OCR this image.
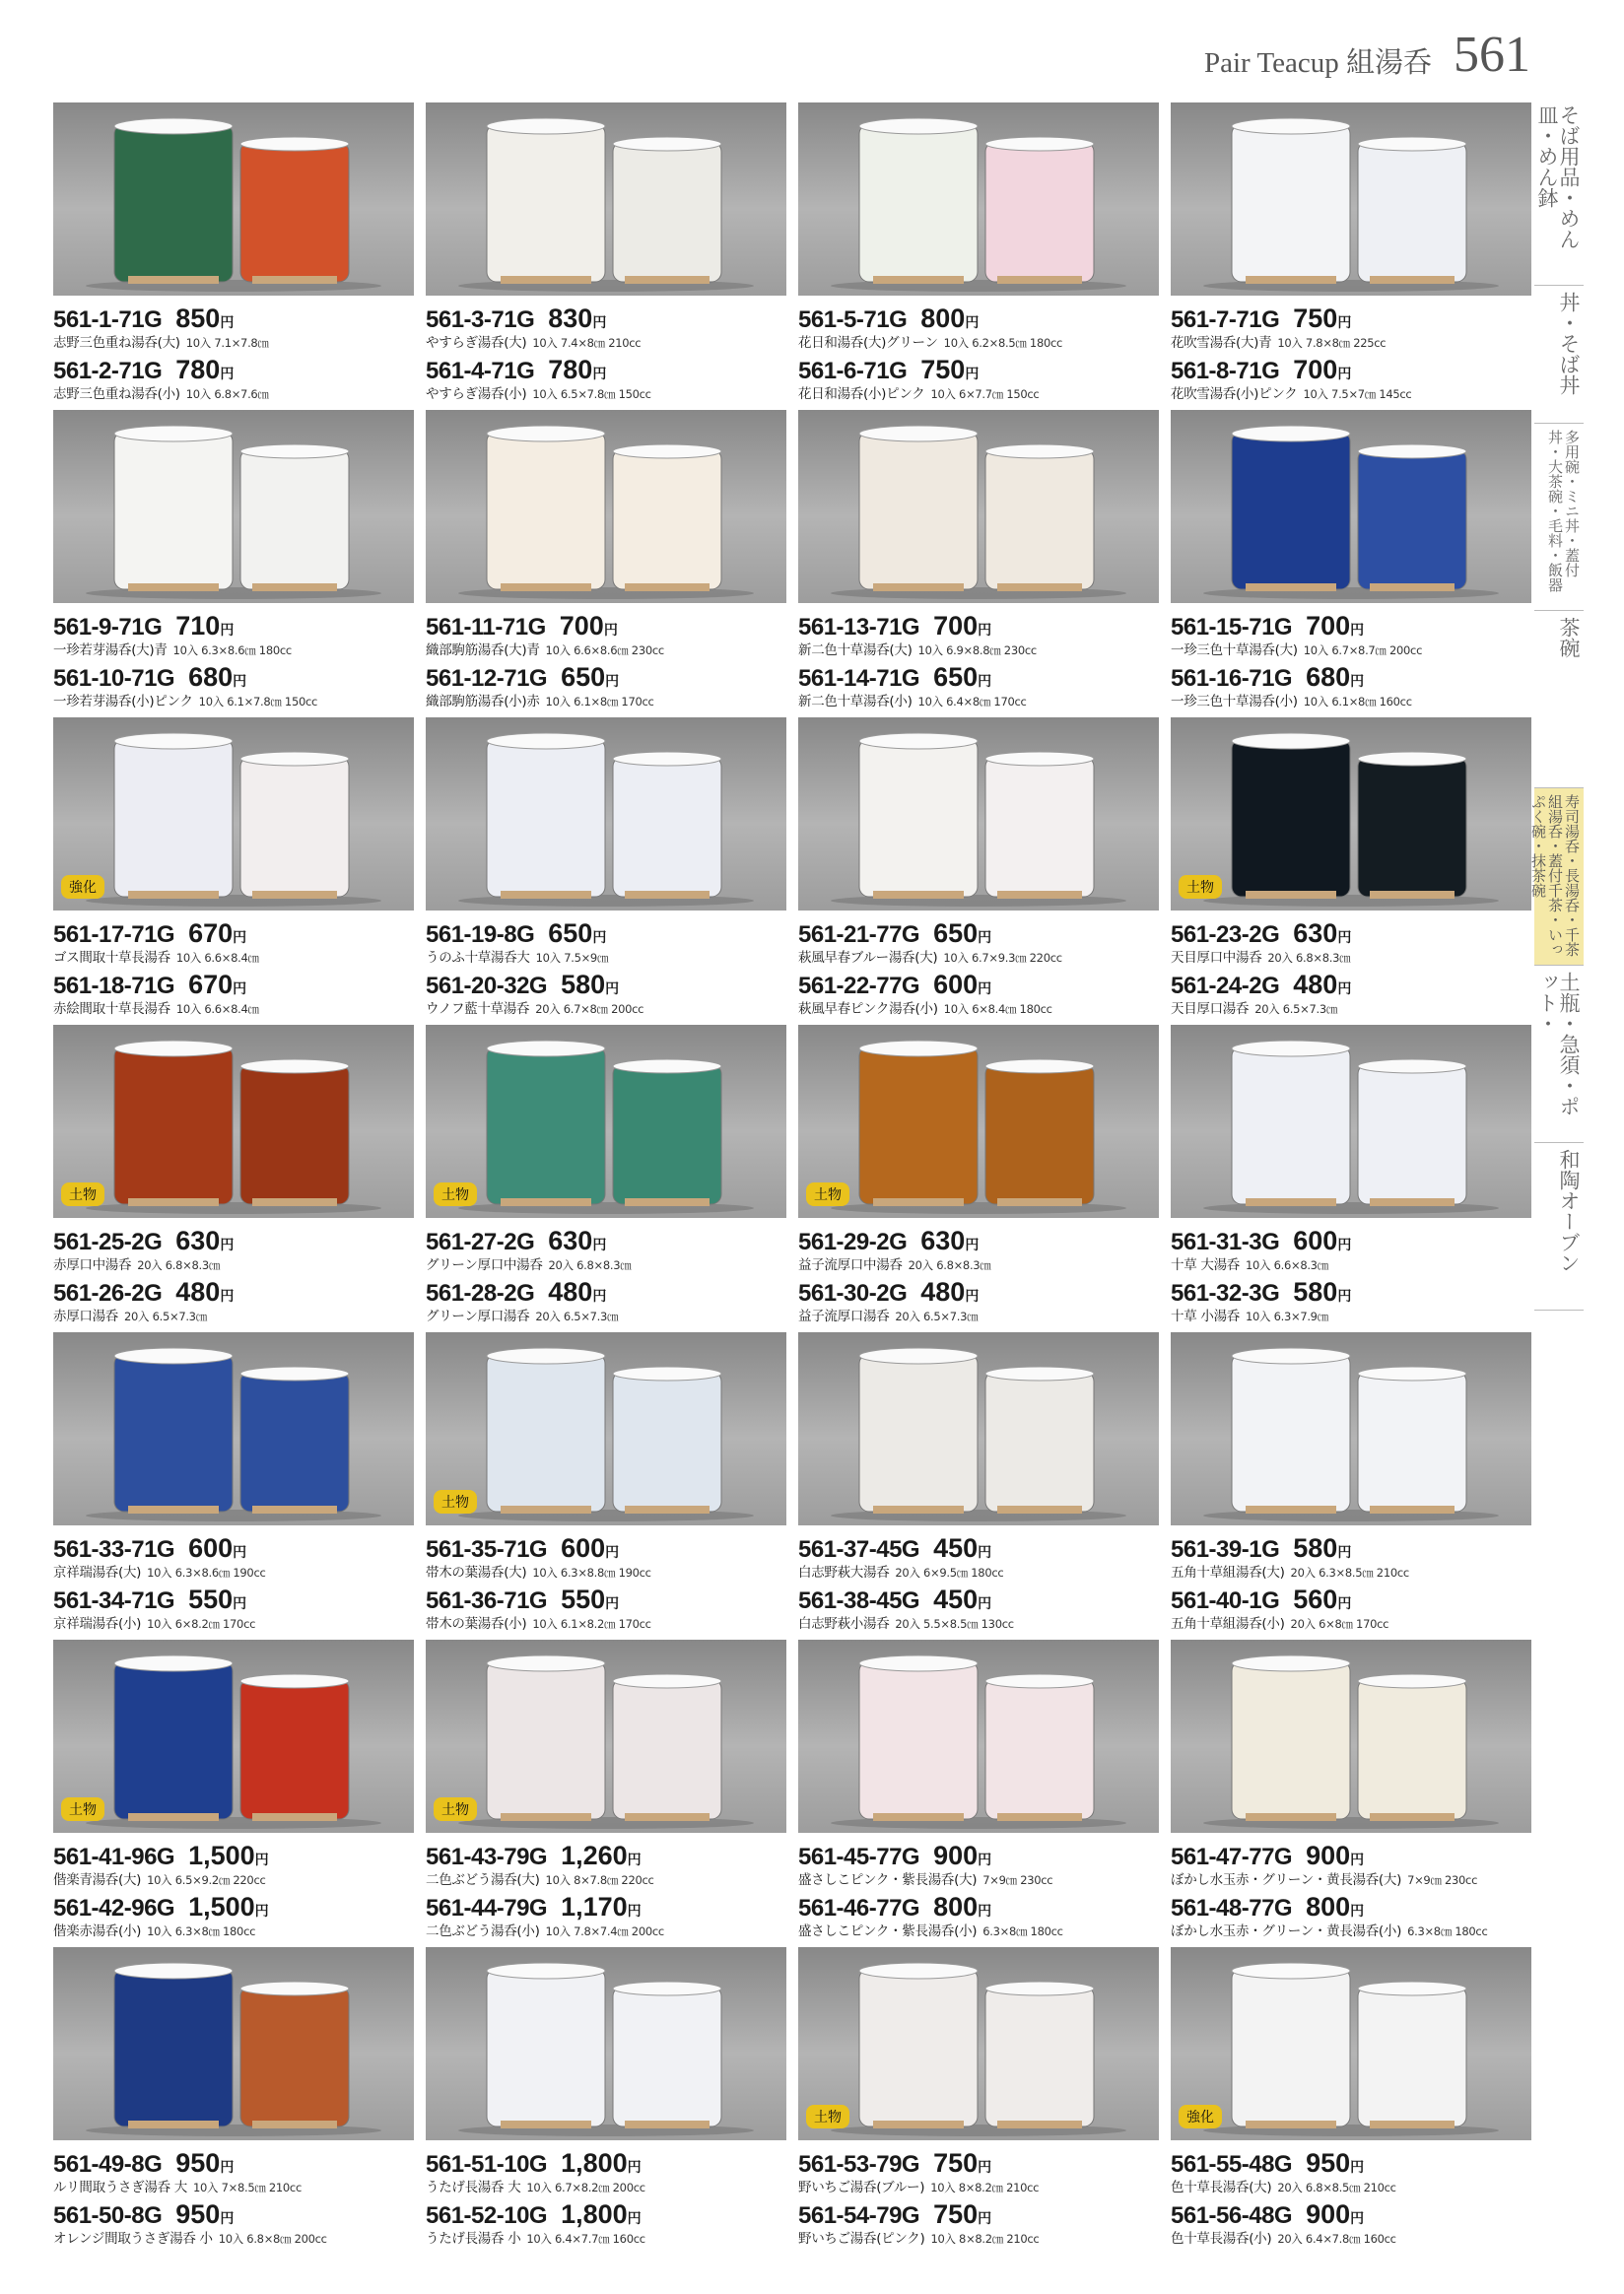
Pair Teacup 組湯呑 561
561-1-71G 850円
志野三色重ね湯呑(大) 10入 7.1×7.8㎝
561-2-71G 780円
志野三色重ね湯呑(小) 10入 6.8×7.6㎝
561-3-71G 830円
やすらぎ湯呑(大) 10入 7.4×8㎝ 210cc
561-4-71G 780円
やすらぎ湯呑(小) 10入 6.5×7.8㎝ 150cc
561-5-71G 800円
花日和湯呑(大)グリーン 10入 6.2×8.5㎝ 180cc
561-6-71G 750円
花日和湯呑(小)ピンク 10入 6×7.7㎝ 150cc
561-7-71G 750円
花吹雪湯呑(大)青 10入 7.8×8㎝ 225cc
561-8-71G 700円
花吹雪湯呑(小)ピンク 10入 7.5×7㎝ 145cc
561-9-71G 710円
一珍若芽湯呑(大)青 10入 6.3×8.6㎝ 180cc
561-10-71G 680円
一珍若芽湯呑(小)ピンク 10入 6.1×7.8㎝ 150cc
561-11-71G 700円
織部駒筋湯呑(大)青 10入 6.6×8.6㎝ 230cc
561-12-71G 650円
織部駒筋湯呑(小)赤 10入 6.1×8㎝ 170cc
561-13-71G 700円
新二色十草湯呑(大) 10入 6.9×8.8㎝ 230cc
561-14-71G 650円
新二色十草湯呑(小) 10入 6.4×8㎝ 170cc
561-15-71G 700円
一珍三色十草湯呑(大) 10入 6.7×8.7㎝ 200cc
561-16-71G 680円
一珍三色十草湯呑(小) 10入 6.1×8㎝ 160cc
強化
561-17-71G 670円
ゴス間取十草長湯呑 10入 6.6×8.4㎝
561-18-71G 670円
赤絵間取十草長湯呑 10入 6.6×8.4㎝
561-19-8G 650円
うのふ十草湯呑大 10入 7.5×9㎝
561-20-32G 580円
ウノフ藍十草湯呑 20入 6.7×8㎝ 200cc
561-21-77G 650円
萩風早春ブルー湯呑(大) 10入 6.7×9.3㎝ 220cc
561-22-77G 600円
萩風早春ピンク湯呑(小) 10入 6×8.4㎝ 180cc
土物
561-23-2G 630円
天目厚口中湯呑 20入 6.8×8.3㎝
561-24-2G 480円
天目厚口湯呑 20入 6.5×7.3㎝
土物
561-25-2G 630円
赤厚口中湯呑 20入 6.8×8.3㎝
561-26-2G 480円
赤厚口湯呑 20入 6.5×7.3㎝
土物
561-27-2G 630円
グリーン厚口中湯呑 20入 6.8×8.3㎝
561-28-2G 480円
グリーン厚口湯呑 20入 6.5×7.3㎝
土物
561-29-2G 630円
益子流厚口中湯呑 20入 6.8×8.3㎝
561-30-2G 480円
益子流厚口湯呑 20入 6.5×7.3㎝
561-31-3G 600円
十草 大湯呑 10入 6.6×8.3㎝
561-32-3G 580円
十草 小湯呑 10入 6.3×7.9㎝
561-33-71G 600円
京祥瑞湯呑(大) 10入 6.3×8.6㎝ 190cc
561-34-71G 550円
京祥瑞湯呑(小) 10入 6×8.2㎝ 170cc
土物
561-35-71G 600円
帯木の葉湯呑(大) 10入 6.3×8.8㎝ 190cc
561-36-71G 550円
帯木の葉湯呑(小) 10入 6.1×8.2㎝ 170cc
561-37-45G 450円
白志野萩大湯呑 20入 6×9.5㎝ 180cc
561-38-45G 450円
白志野萩小湯呑 20入 5.5×8.5㎝ 130cc
561-39-1G 580円
五角十草組湯呑(大) 20入 6.3×8.5㎝ 210cc
561-40-1G 560円
五角十草組湯呑(小) 20入 6×8㎝ 170cc
土物
561-41-96G 1,500円
偕楽青湯呑(大) 10入 6.5×9.2㎝ 220cc
561-42-96G 1,500円
偕楽赤湯呑(小) 10入 6.3×8㎝ 180cc
土物
561-43-79G 1,260円
二色ぶどう湯呑(大) 10入 8×7.8㎝ 220cc
561-44-79G 1,170円
二色ぶどう湯呑(小) 10入 7.8×7.4㎝ 200cc
561-45-77G 900円
盛さしこピンク・紫長湯呑(大) 7×9㎝ 230cc
561-46-77G 800円
盛さしこピンク・紫長湯呑(小) 6.3×8㎝ 180cc
561-47-77G 900円
ぼかし水玉赤・グリーン・黄長湯呑(大) 7×9㎝ 230cc
561-48-77G 800円
ぼかし水玉赤・グリーン・黄長湯呑(小) 6.3×8㎝ 180cc
561-49-8G 950円
ルリ間取うさぎ湯呑 大 10入 7×8.5㎝ 210cc
561-50-8G 950円
オレンジ間取うさぎ湯呑 小 10入 6.8×8㎝ 200cc
561-51-10G 1,800円
うたげ長湯呑 大 10入 6.7×8.2㎝ 200cc
561-52-10G 1,800円
うたげ長湯呑 小 10入 6.4×7.7㎝ 160cc
土物
561-53-79G 750円
野いちご湯呑(ブルー) 10入 8×8.2㎝ 210cc
561-54-79G 750円
野いちご湯呑(ピンク) 10入 8×8.2㎝ 210cc
強化
561-55-48G 950円
色十草長湯呑(大) 20入 6.8×8.5㎝ 210cc
561-56-48G 900円
色十草長湯呑(小) 20入 6.4×7.8㎝ 160cc
そば用品・めん皿・めん鉢
丼・そば丼
多用碗・ミニ丼・蓋付丼・大茶碗・毛料・飯器
茶碗
寿司湯呑・長湯呑・千茶組湯呑・蓋付千茶・いっぷく碗・抹茶碗
土瓶・急須・ポット・
和陶オーブン
